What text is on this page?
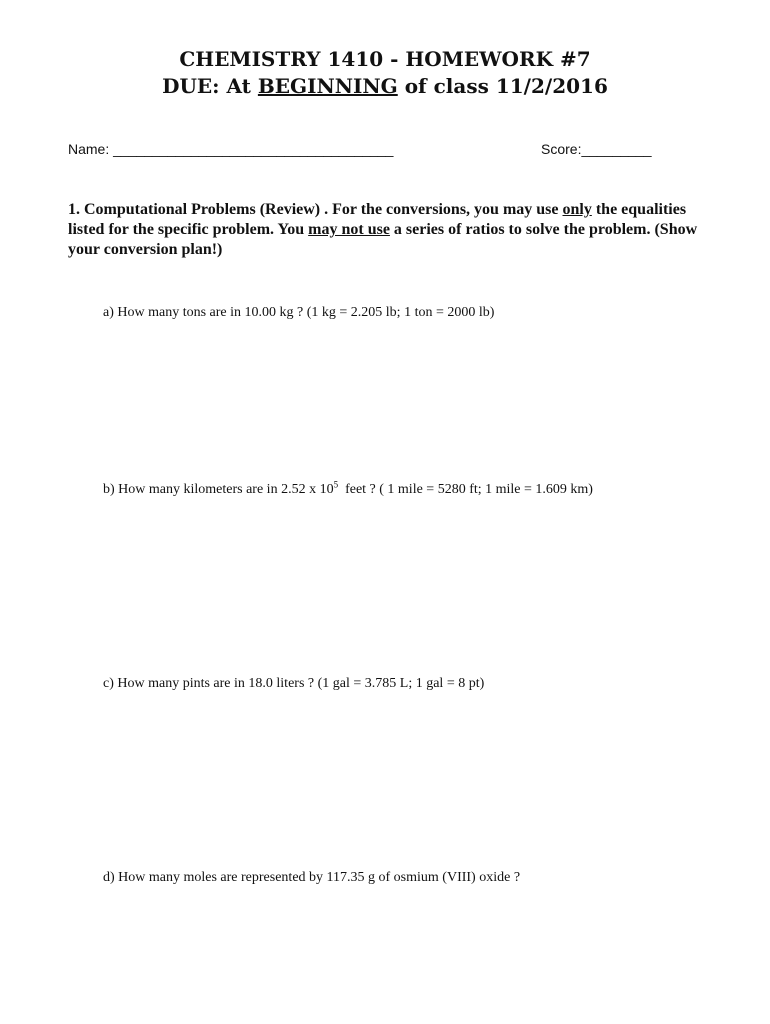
CHEMISTRY 1410 - HOMEWORK #7
DUE: At BEGINNING of class 11/2/2016
Name: ____________________________________	Score:_________
1. Computational Problems (Review) . For the conversions, you may use only the equalities listed for the specific problem. You may not use a series of ratios to solve the problem. (Show your conversion plan!)
a) How many tons are in 10.00 kg ? (1 kg = 2.205 lb; 1 ton = 2000 lb)
b) How many kilometers are in 2.52 x $10^5$  feet ? ( 1 mile = 5280 ft; 1 mile = 1.609 km)
c) How many pints are in 18.0 liters ? (1 gal = 3.785 L; 1 gal = 8 pt)
d) How many moles are represented by 117.35 g of osmium (VIII) oxide ?
